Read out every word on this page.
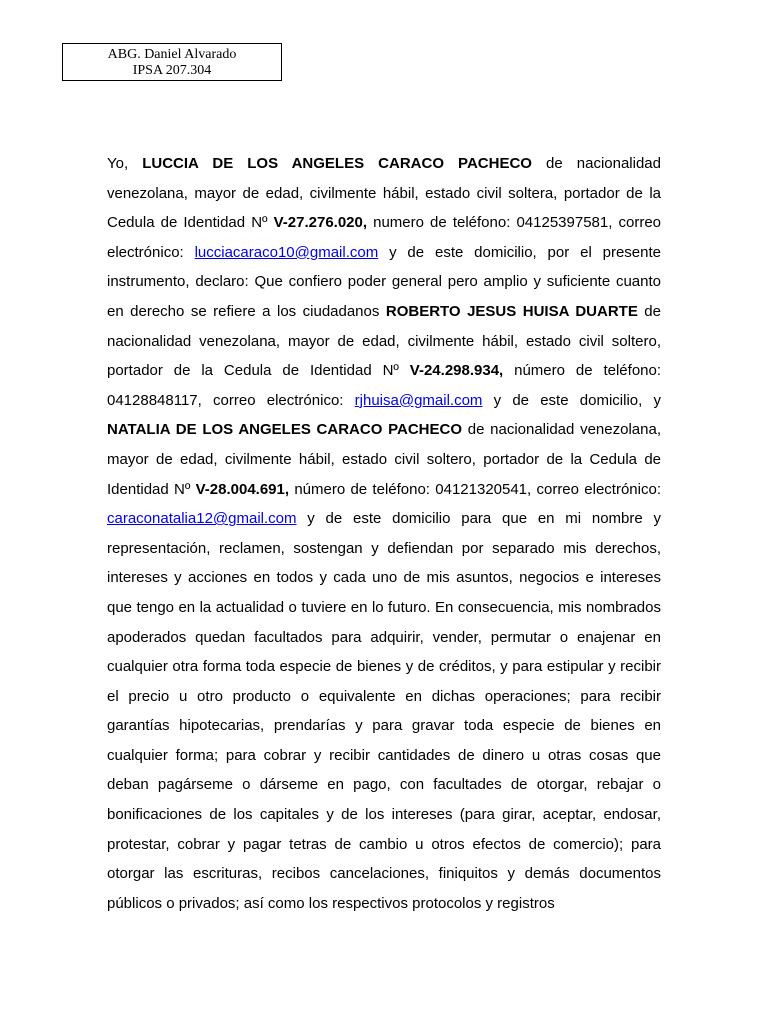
ABG. Daniel Alvarado
IPSA 207.304

Yo, LUCCIA DE LOS ANGELES CARACO PACHECO de nacionalidad venezolana, mayor de edad, civilmente hábil, estado civil soltera, portador de la Cedula de Identidad Nº V-27.276.020, numero de teléfono: 04125397581, correo electrónico: lucciacaraco10@gmail.com y de este domicilio, por el presente instrumento, declaro: Que confiero poder general pero amplio y suficiente cuanto en derecho se refiere a los ciudadanos ROBERTO JESUS HUISA DUARTE de nacionalidad venezolana, mayor de edad, civilmente hábil, estado civil soltero, portador de la Cedula de Identidad Nº V-24.298.934, número de teléfono: 04128848117, correo electrónico: rjhuisa@gmail.com y de este domicilio, y NATALIA DE LOS ANGELES CARACO PACHECO de nacionalidad venezolana, mayor de edad, civilmente hábil, estado civil soltero, portador de la Cedula de Identidad Nº V-28.004.691, número de teléfono: 04121320541, correo electrónico: caraconatalia12@gmail.com y de este domicilio para que en mi nombre y representación, reclamen, sostengan y defiendan por separado mis derechos, intereses y acciones en todos y cada uno de mis asuntos, negocios e intereses que tengo en la actualidad o tuviere en lo futuro. En consecuencia, mis nombrados apoderados quedan facultados para adquirir, vender, permutar o enajenar en cualquier otra forma toda especie de bienes y de créditos, y para estipular y recibir el precio u otro producto o equivalente en dichas operaciones; para recibir garantías hipotecarias, prendarías y para gravar toda especie de bienes en cualquier forma; para cobrar y recibir cantidades de dinero u otras cosas que deban pagárseme o dárseme en pago, con facultades de otorgar, rebajar o bonificaciones de los capitales y de los intereses (para girar, aceptar, endosar, protestar, cobrar y pagar tetras de cambio u otros efectos de comercio); para otorgar las escrituras, recibos cancelaciones, finiquitos y demás documentos públicos o privados; así como los respectivos protocolos y registros
